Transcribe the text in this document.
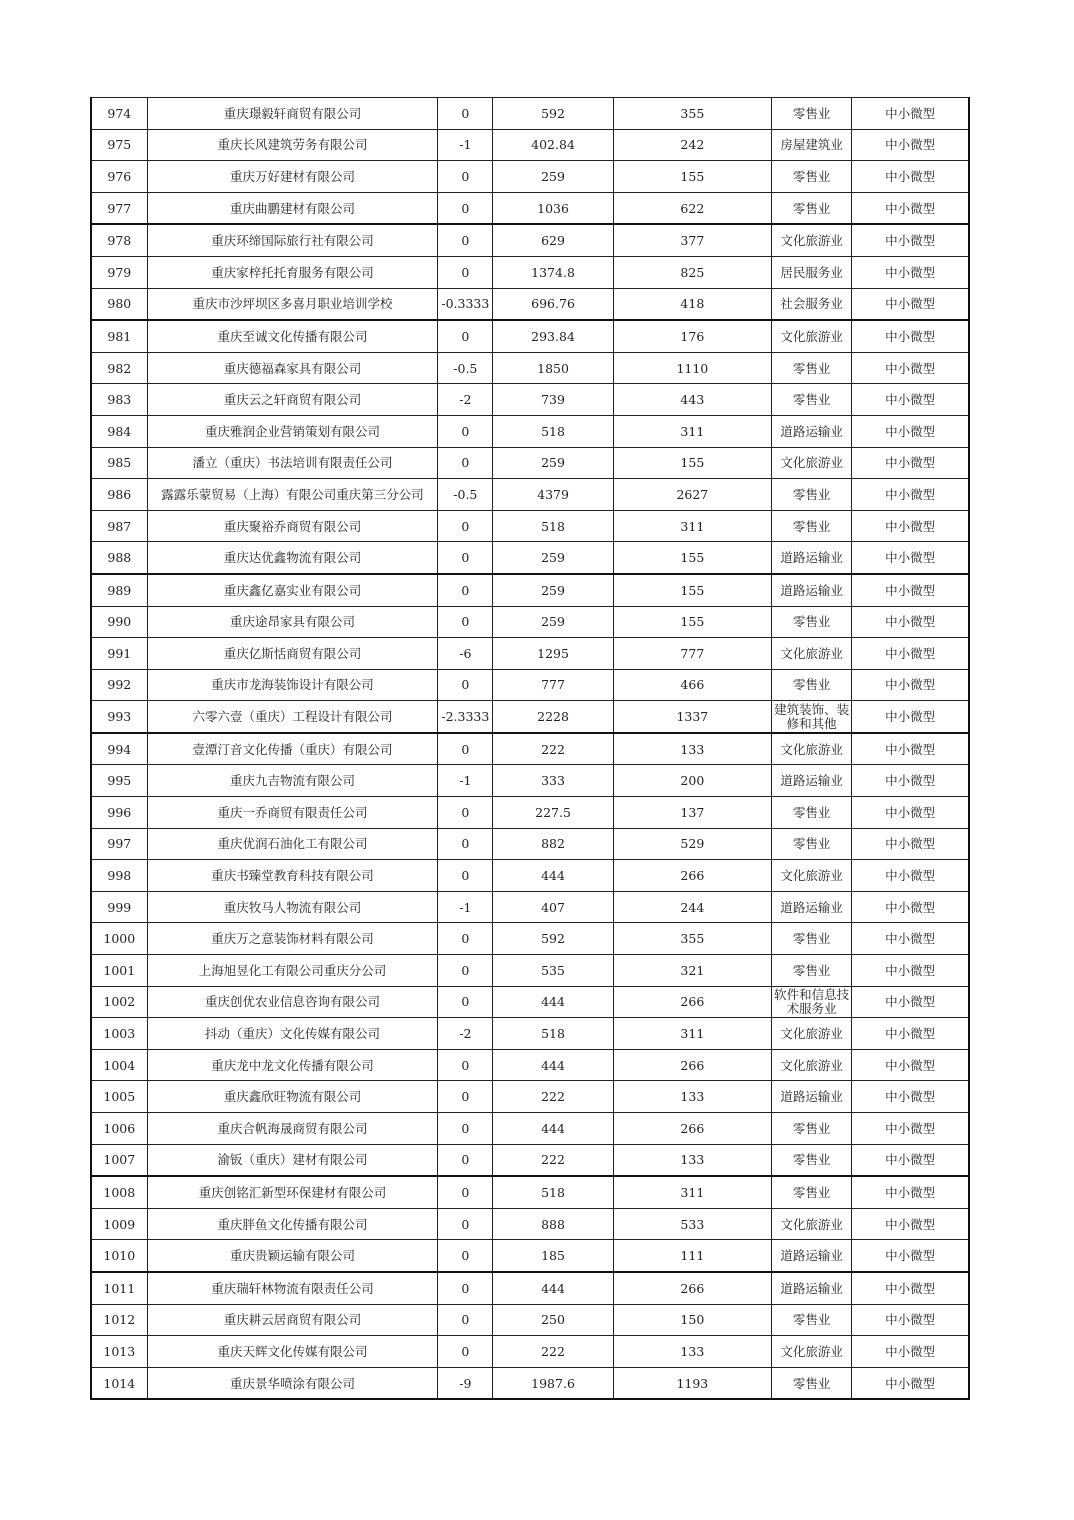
974	重庆璟毅轩商贸有限公司	0	592	355	零售业	中小微型
975	重庆长风建筑劳务有限公司	-1	402.84	242	房屋建筑业	中小微型
976	重庆万好建材有限公司	0	259	155	零售业	中小微型
977	重庆曲鹏建材有限公司	0	1036	622	零售业	中小微型
978	重庆环缔国际旅行社有限公司	0	629	377	文化旅游业	中小微型
979	重庆家梓托托育服务有限公司	0	1374.8	825	居民服务业	中小微型
980	重庆市沙坪坝区多喜月职业培训学校	-0.3333	696.76	418	社会服务业	中小微型
981	重庆至诚文化传播有限公司	0	293.84	176	文化旅游业	中小微型
982	重庆德福森家具有限公司	-0.5	1850	1110	零售业	中小微型
983	重庆云之轩商贸有限公司	-2	739	443	零售业	中小微型
984	重庆雅润企业营销策划有限公司	0	518	311	道路运输业	中小微型
985	潘立（重庆）书法培训有限责任公司	0	259	155	文化旅游业	中小微型
986	露露乐蒙贸易（上海）有限公司重庆第三分公司	-0.5	4379	2627	零售业	中小微型
987	重庆聚裕乔商贸有限公司	0	518	311	零售业	中小微型
988	重庆达优鑫物流有限公司	0	259	155	道路运输业	中小微型
989	重庆鑫亿嘉实业有限公司	0	259	155	道路运输业	中小微型
990	重庆途昂家具有限公司	0	259	155	零售业	中小微型
991	重庆亿斯恬商贸有限公司	-6	1295	777	文化旅游业	中小微型
992	重庆市龙海装饰设计有限公司	0	777	466	零售业	中小微型
993	六零六壹（重庆）工程设计有限公司	-2.3333	2228	1337	建筑装饰、装修和其他	中小微型
994	壹潭汀音文化传播（重庆）有限公司	0	222	133	文化旅游业	中小微型
995	重庆九吉物流有限公司	-1	333	200	道路运输业	中小微型
996	重庆一乔商贸有限责任公司	0	227.5	137	零售业	中小微型
997	重庆优润石油化工有限公司	0	882	529	零售业	中小微型
998	重庆书臻堂教育科技有限公司	0	444	266	文化旅游业	中小微型
999	重庆牧马人物流有限公司	-1	407	244	道路运输业	中小微型
1000	重庆万之意装饰材料有限公司	0	592	355	零售业	中小微型
1001	上海旭昱化工有限公司重庆分公司	0	535	321	零售业	中小微型
1002	重庆创优农业信息咨询有限公司	0	444	266	软件和信息技术服务业	中小微型
1003	抖动（重庆）文化传媒有限公司	-2	518	311	文化旅游业	中小微型
1004	重庆龙中龙文化传播有限公司	0	444	266	文化旅游业	中小微型
1005	重庆鑫欣旺物流有限公司	0	222	133	道路运输业	中小微型
1006	重庆合帆海晟商贸有限公司	0	444	266	零售业	中小微型
1007	渝钣（重庆）建材有限公司	0	222	133	零售业	中小微型
1008	重庆创铭汇新型环保建材有限公司	0	518	311	零售业	中小微型
1009	重庆胖鱼文化传播有限公司	0	888	533	文化旅游业	中小微型
1010	重庆贵颖运输有限公司	0	185	111	道路运输业	中小微型
1011	重庆瑞轩林物流有限责任公司	0	444	266	道路运输业	中小微型
1012	重庆耕云居商贸有限公司	0	250	150	零售业	中小微型
1013	重庆天辉文化传媒有限公司	0	222	133	文化旅游业	中小微型
1014	重庆景华喷涂有限公司	-9	1987.6	1193	零售业	中小微型
